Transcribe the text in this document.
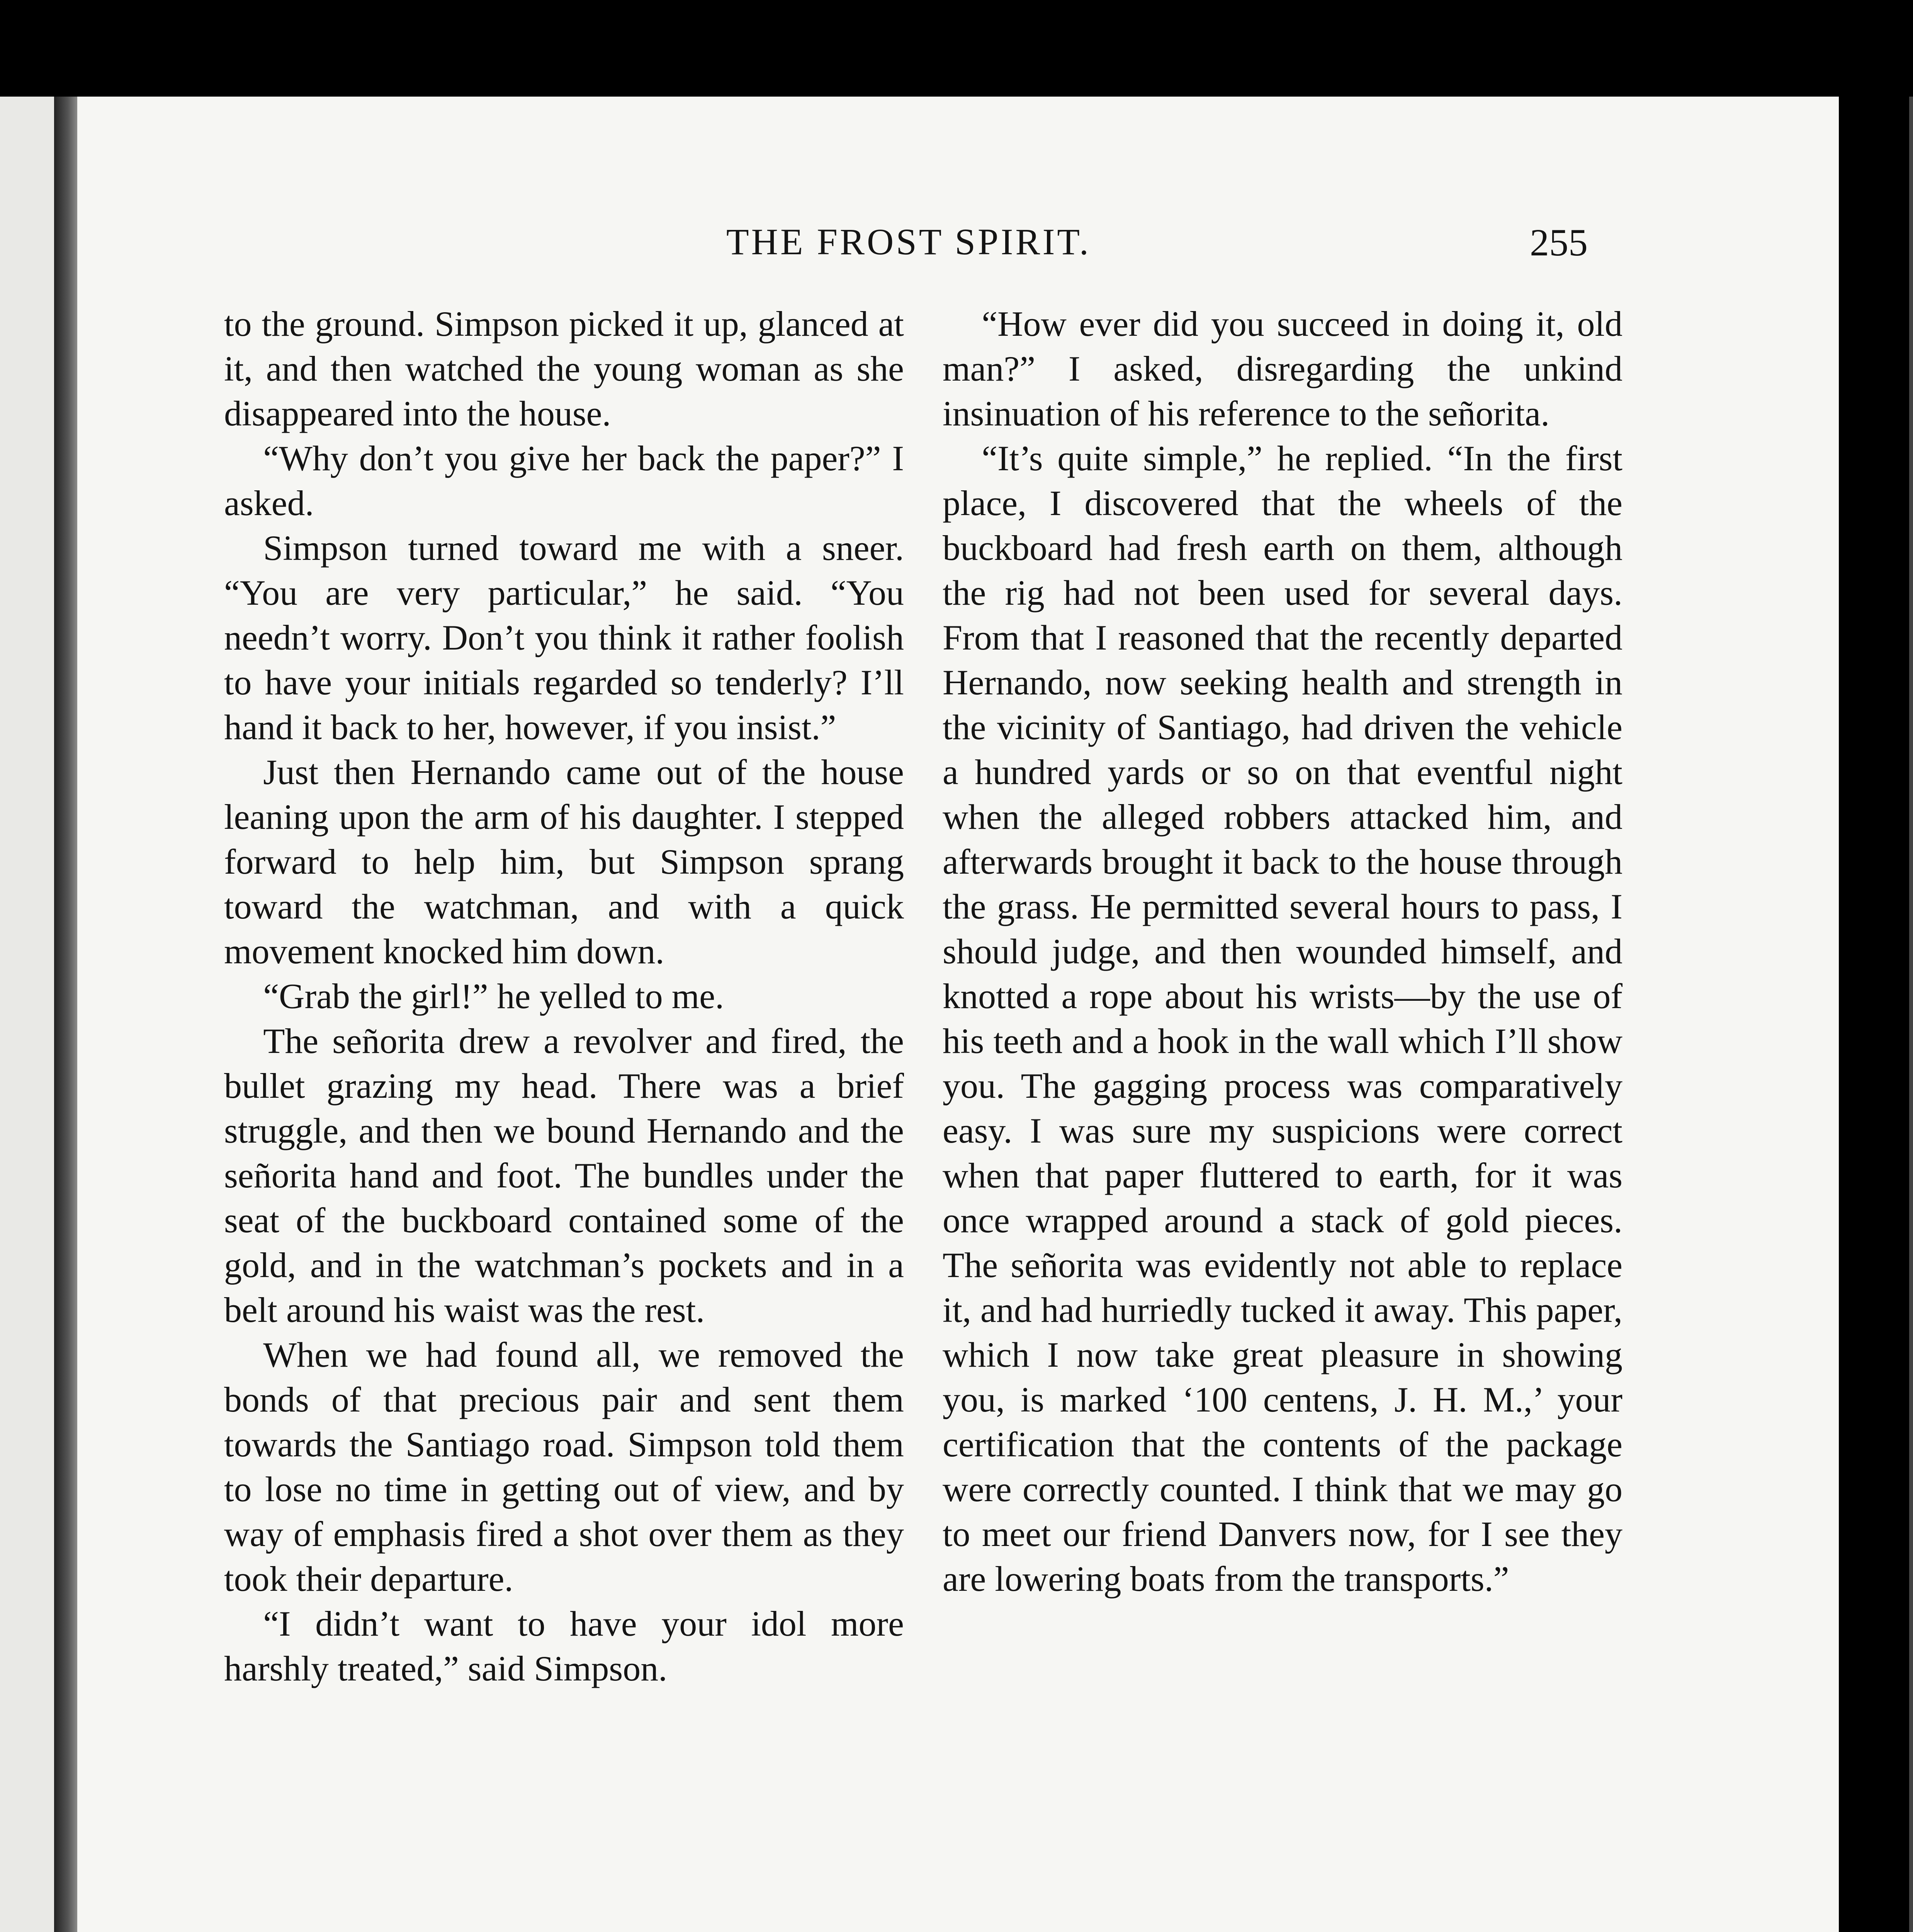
THE FROST SPIRIT.	255

to the ground. Simpson picked it up, glanced at it, and then watched the young woman as she disappeared into the house.

“Why don’t you give her back the paper?” I asked.

Simpson turned toward me with a sneer. “You are very particular,” he said. “You needn’t worry. Don’t you think it rather foolish to have your initials regarded so tenderly? I’ll hand it back to her, however, if you insist.”

Just then Hernando came out of the house leaning upon the arm of his daughter. I stepped forward to help him, but Simpson sprang toward the watchman, and with a quick movement knocked him down.

“Grab the girl!” he yelled to me.

The señorita drew a revolver and fired, the bullet grazing my head. There was a brief struggle, and then we bound Hernando and the señorita hand and foot. The bundles under the seat of the buckboard contained some of the gold, and in the watchman’s pockets and in a belt around his waist was the rest.

When we had found all, we removed the bonds of that precious pair and sent them towards the Santiago road. Simpson told them to lose no time in getting out of view, and by way of emphasis fired a shot over them as they took their departure.

“I didn’t want to have your idol more harshly treated,” said Simpson.

“How ever did you succeed in doing it, old man?” I asked, disregarding the unkind insinuation of his reference to the señorita.

“It’s quite simple,” he replied. “In the first place, I discovered that the wheels of the buckboard had fresh earth on them, although the rig had not been used for several days. From that I reasoned that the recently departed Hernando, now seeking health and strength in the vicinity of Santiago, had driven the vehicle a hundred yards or so on that eventful night when the alleged robbers attacked him, and afterwards brought it back to the house through the grass. He permitted several hours to pass, I should judge, and then wounded himself, and knotted a rope about his wrists—by the use of his teeth and a hook in the wall which I’ll show you. The gagging process was comparatively easy. I was sure my suspicions were correct when that paper fluttered to earth, for it was once wrapped around a stack of gold pieces. The señorita was evidently not able to replace it, and had hurriedly tucked it away. This paper, which I now take great pleasure in showing you, is marked ‘100 centens, J. H. M.,’ your certification that the contents of the package were correctly counted. I think that we may go to meet our friend Danvers now, for I see they are lowering boats from the transports.”
